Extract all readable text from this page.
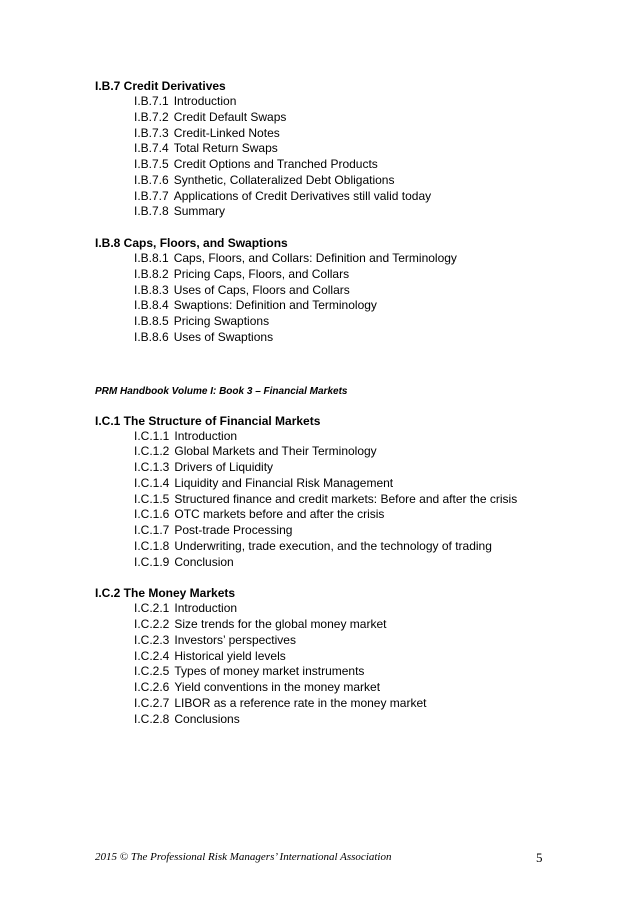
I.B.7 Credit Derivatives
I.B.7.1 Introduction
I.B.7.2 Credit Default Swaps
I.B.7.3 Credit-Linked Notes
I.B.7.4 Total Return Swaps
I.B.7.5 Credit Options and Tranched Products
I.B.7.6 Synthetic, Collateralized Debt Obligations
I.B.7.7 Applications of Credit Derivatives still valid today
I.B.7.8 Summary
I.B.8 Caps, Floors, and Swaptions
I.B.8.1 Caps, Floors, and Collars: Definition and Terminology
I.B.8.2 Pricing Caps, Floors, and Collars
I.B.8.3 Uses of Caps, Floors and Collars
I.B.8.4 Swaptions: Definition and Terminology
I.B.8.5 Pricing Swaptions
I.B.8.6 Uses of Swaptions
PRM Handbook Volume I: Book 3 – Financial Markets
I.C.1 The Structure of Financial Markets
I.C.1.1 Introduction
I.C.1.2 Global Markets and Their Terminology
I.C.1.3 Drivers of Liquidity
I.C.1.4 Liquidity and Financial Risk Management
I.C.1.5 Structured finance and credit markets: Before and after the crisis
I.C.1.6 OTC markets before and after the crisis
I.C.1.7 Post-trade Processing
I.C.1.8 Underwriting, trade execution, and the technology of trading
I.C.1.9 Conclusion
I.C.2 The Money Markets
I.C.2.1 Introduction
I.C.2.2 Size trends for the global money market
I.C.2.3 Investors’ perspectives
I.C.2.4 Historical yield levels
I.C.2.5 Types of money market instruments
I.C.2.6 Yield conventions in the money market
I.C.2.7 LIBOR as a reference rate in the money market
I.C.2.8 Conclusions
2015 © The Professional Risk Managers’ International Association	5
